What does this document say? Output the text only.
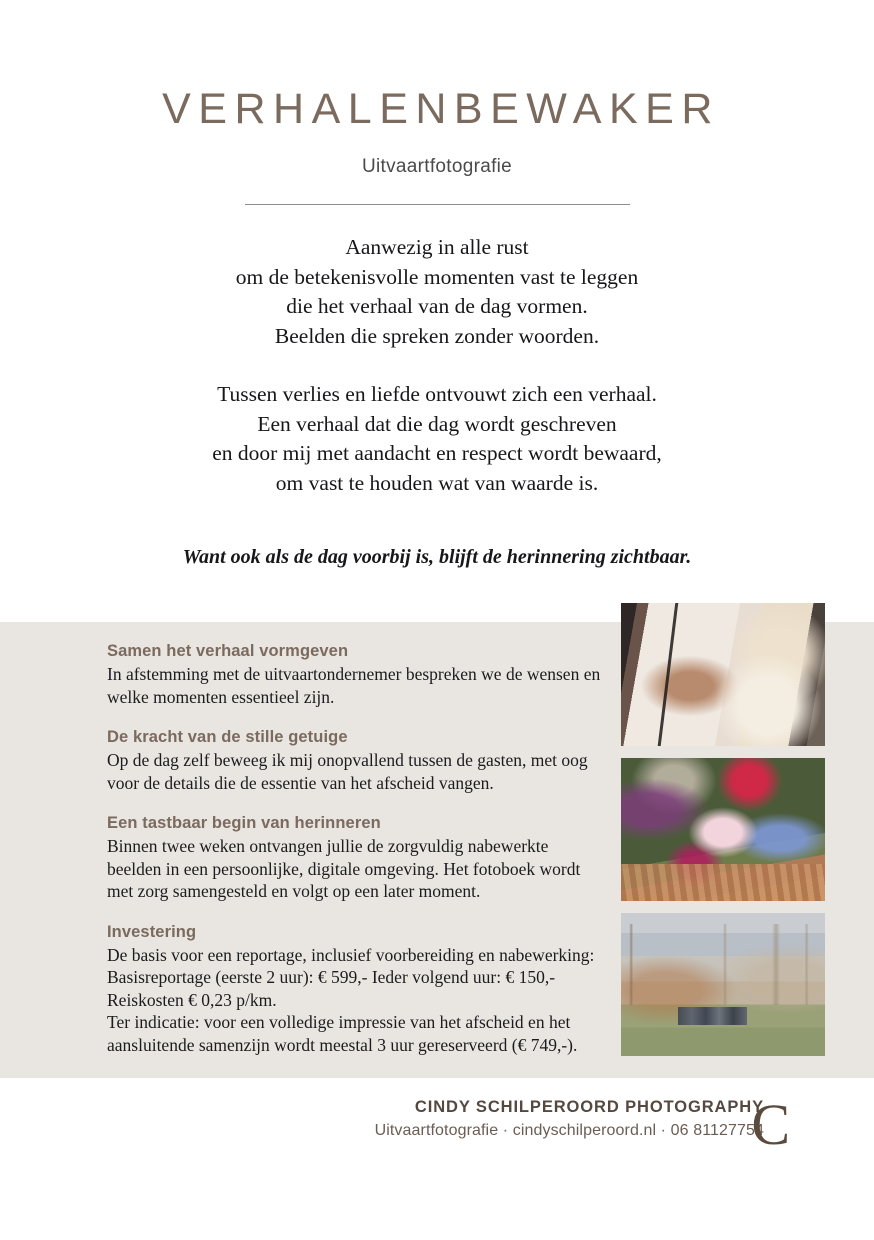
VERHALENBEWAKER

Uitvaartfotografie

Aanwezig in alle rust
om de betekenisvolle momenten vast te leggen
die het verhaal van de dag vormen.
Beelden die spreken zonder woorden.
Tussen verlies en liefde ontvouwt zich een verhaal.
Een verhaal dat die dag wordt geschreven
en door mij met aandacht en respect wordt bewaard,
om vast te houden wat van waarde is.
Want ook als de dag voorbij is, blijft de herinnering zichtbaar.

Samen het verhaal vormgeven

In afstemming met de uitvaartondernemer bespreken we de wensen en welke momenten essentieel zijn.

De kracht van de stille getuige

Op de dag zelf beweeg ik mij onopvallend tussen de gasten, met oog voor de details die de essentie van het afscheid vangen.

Een tastbaar begin van herinneren

Binnen twee weken ontvangen jullie de zorgvuldig nabewerkte beelden in een persoonlijke, digitale omgeving. Het fotoboek wordt met zorg samengesteld en volgt op een later moment.

Investering

De basis voor een reportage, inclusief voorbereiding en nabewerking:

Basisreportage (eerste 2 uur): € 599,- Ieder volgend uur: € 150,-

Reiskosten € 0,23 p/km.

Ter indicatie: voor een volledige impressie van het afscheid en het aansluitende samenzijn wordt meestal 3 uur gereserveerd (€ 749,-).

CINDY SCHILPEROORD PHOTOGRAPHY

Uitvaartfotografie · cindyschilperoord.nl · 06 81127754

C
